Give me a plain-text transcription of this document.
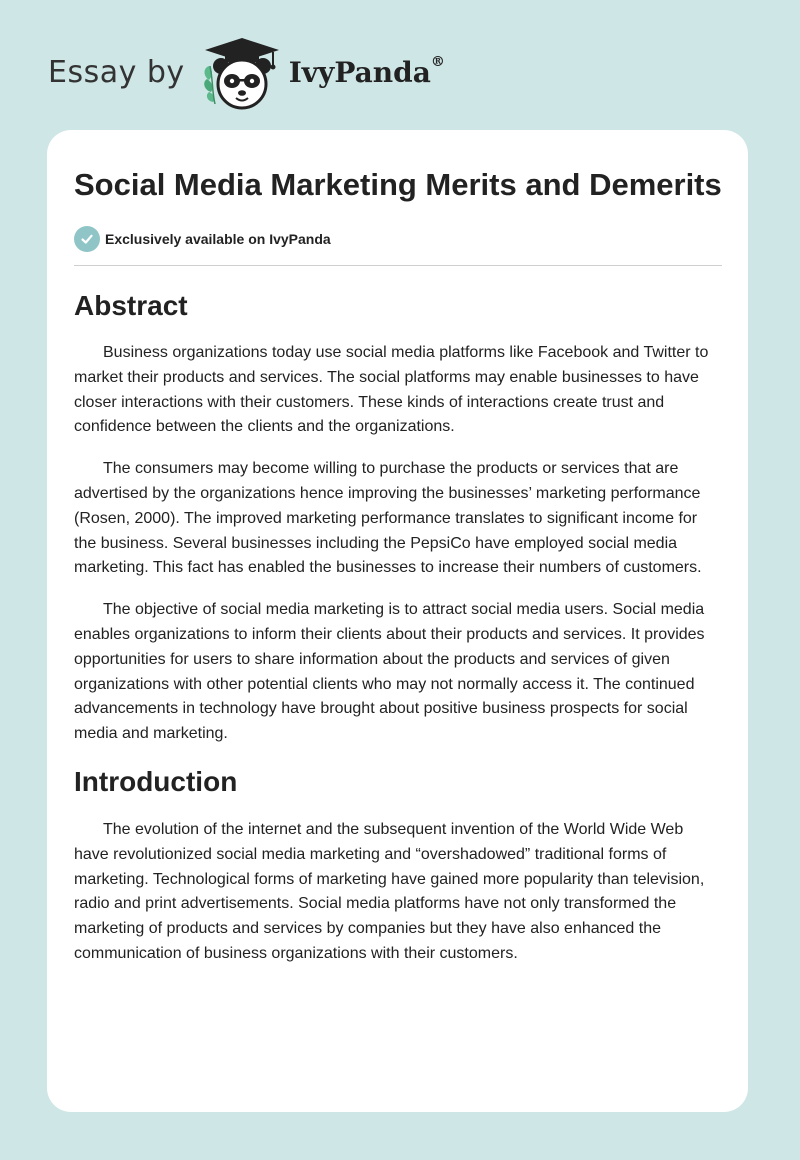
Essay by	IvyPanda®
Social Media Marketing Merits and Demerits
Exclusively available on IvyPanda
Abstract

Business organizations today use social media platforms like Facebook and Twitter to market their products and services. The social platforms may enable businesses to have closer interactions with their customers. These kinds of interactions create trust and confidence between the clients and the organizations.

The consumers may become willing to purchase the products or services that are advertised by the organizations hence improving the businesses’ marketing performance (Rosen, 2000). The improved marketing performance translates to significant income for the business. Several businesses including the PepsiCo have employed social media marketing. This fact has enabled the businesses to increase their numbers of customers.

The objective of social media marketing is to attract social media users. Social media enables organizations to inform their clients about their products and services. It provides opportunities for users to share information about the products and services of given organizations with other potential clients who may not normally access it. The continued advancements in technology have brought about positive business prospects for social media and marketing.

Introduction

The evolution of the internet and the subsequent invention of the World Wide Web have revolutionized social media marketing and “overshadowed” traditional forms of marketing. Technological forms of marketing have gained more popularity than television, radio and print advertisements. Social media platforms have not only transformed the marketing of products and services by companies but they have also enhanced the communication of business organizations with their customers.
